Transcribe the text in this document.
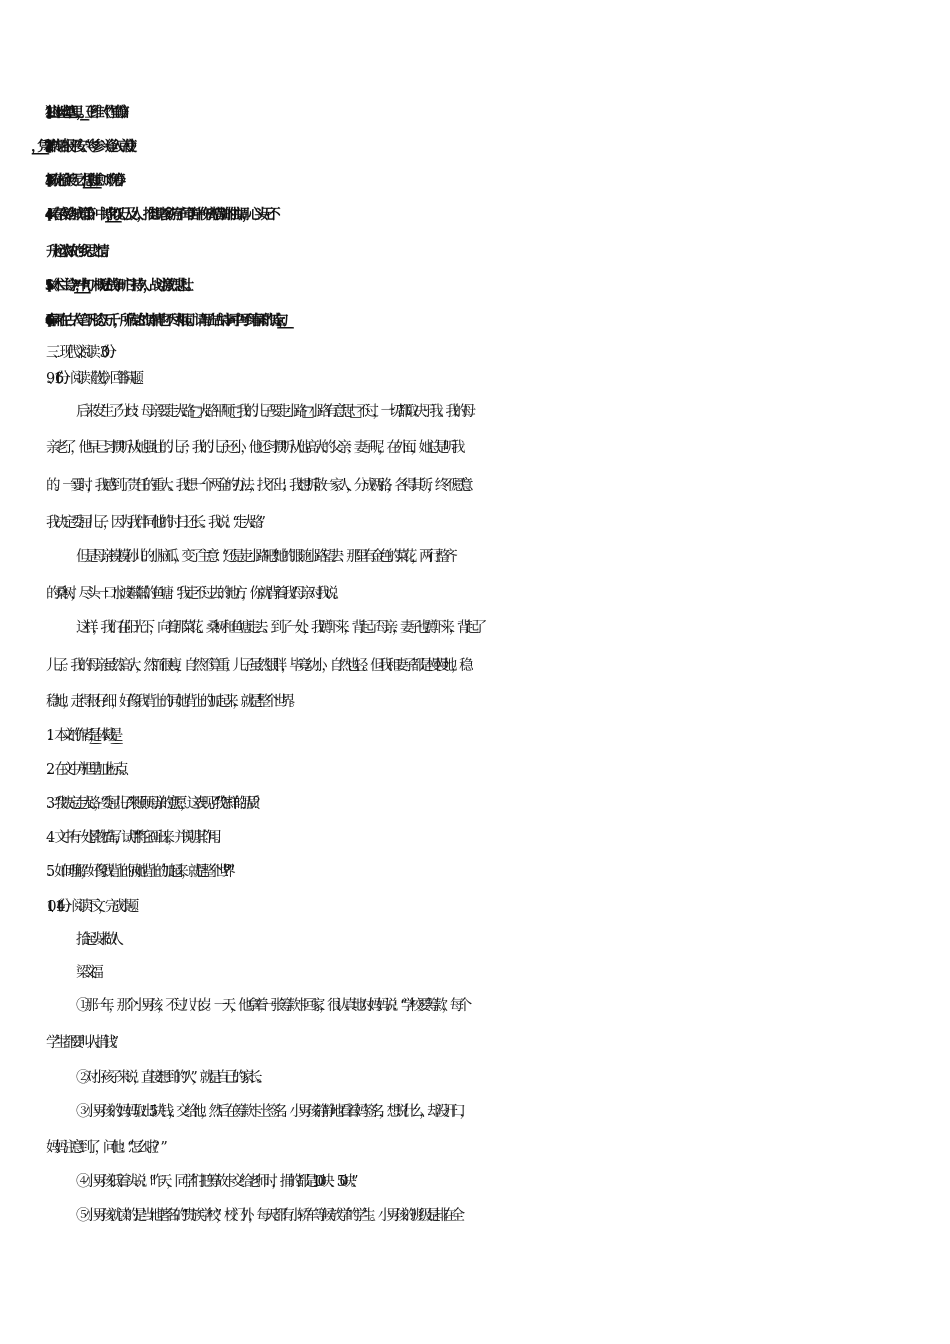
(1)独坐幽篁里，____。（王维《竹里馆》）
(2) ______________，凭君传语报平安。（岑参《逢入京使》）
(3)杨花榆荚无才思，________________，（韩愈《晚春》）
(4)《春夜洛城闻笛》中诗句“___________，__________”，以己及人，推想诸多游子闻笛中伤离惜别的曲调，心头无不
升起浓浓的乡思之情。
(5)《木兰诗》中“___________，__________”一句，概述战争旷日持久，战斗激烈悲壮。
(6)春雨在古人笔下形态万千，所传达的诗情也不尽相同。请写出古诗词中写到春雨的诗句：___________，__________。
三、现代文阅读（30分）
9、（16分）阅读《散步》，回答问题。
后来发生了分歧：母亲要走大路□大路平顺□我的儿子要走小路□小路有意思□不过，一切都取决于我。我的母
亲老了，他早已习惯听从她强壮的儿子；我的儿子还小，他还习惯听从他高大的父亲；妻子呢，在外面，她总是听我
的。一霎时，我感到了责任的重大。我想一个两全的办法，找不出；我想拆散一家人，分成两路，各得其所，终不愿意。
我决定委屈儿子，因为我伴同他的时日还长。我说：“走大路。”
但是母亲摸摸孙儿的小脑瓜，变了主意：“还是走小路吧。”她的眼随小路望去：那里有金色的菜花，两行整齐
的桑树，尽头一口水波粼粼的鱼塘。“我走不过去的地方，你就背着我。”母亲对我说。
这样，我们在阳光下，向着那菜花、桑树和鱼塘走去。到了一处，我蹲下来，背起了母亲，妻子也蹲下来，背起了
儿子。我的母亲虽然高大，然而很瘦，自然不算重；儿子虽然很胖，毕竟幼小，自然也轻。但我和妻子都是慢慢地，稳
稳地，走得很仔细，好像我背上的同她背上的加起来，就是整个世界。
1．本文的作者是__________，体裁是__________。
2．在文中方框里加上标点。
3．“我”决定走大路，“委屈儿子”来照顾母亲的意愿，这表现了“我”怎样的品质？
4．文中有一处景物描写，试用“”将它画出来，并说明其作用。
5．如何理解“，好像我背上的同她背上的加起来，就是整个世界” ？
10、（14分）阅读下文，完成小题。
抬起头来做人
梁文福
①那一年，那个小男孩，不过八九岁。一天，他拿着一张筹款卡回家，很认真地对妈妈说：“学校要筹款，每个
学生都要叫人捐钱。”
②对小孩子来说，直接想到的“人”，就是自己的家长。
③小男孩的妈妈取出5块钱，交给他，然后在筹款卡上签名。小男孩静静地看着妈签名，想说什么，却没开口，
妈妈注意到了，问他：“怎么啦？”
④小男孩低着头说：“昨天，同学们把筹故卡交给老师时，捐的都是100块、50块。”
⑤小男孩就读的是当地著名的“贵族学校”，校门外，每天都有小轿车等候放学的学生。小男孩的班级是排在全
